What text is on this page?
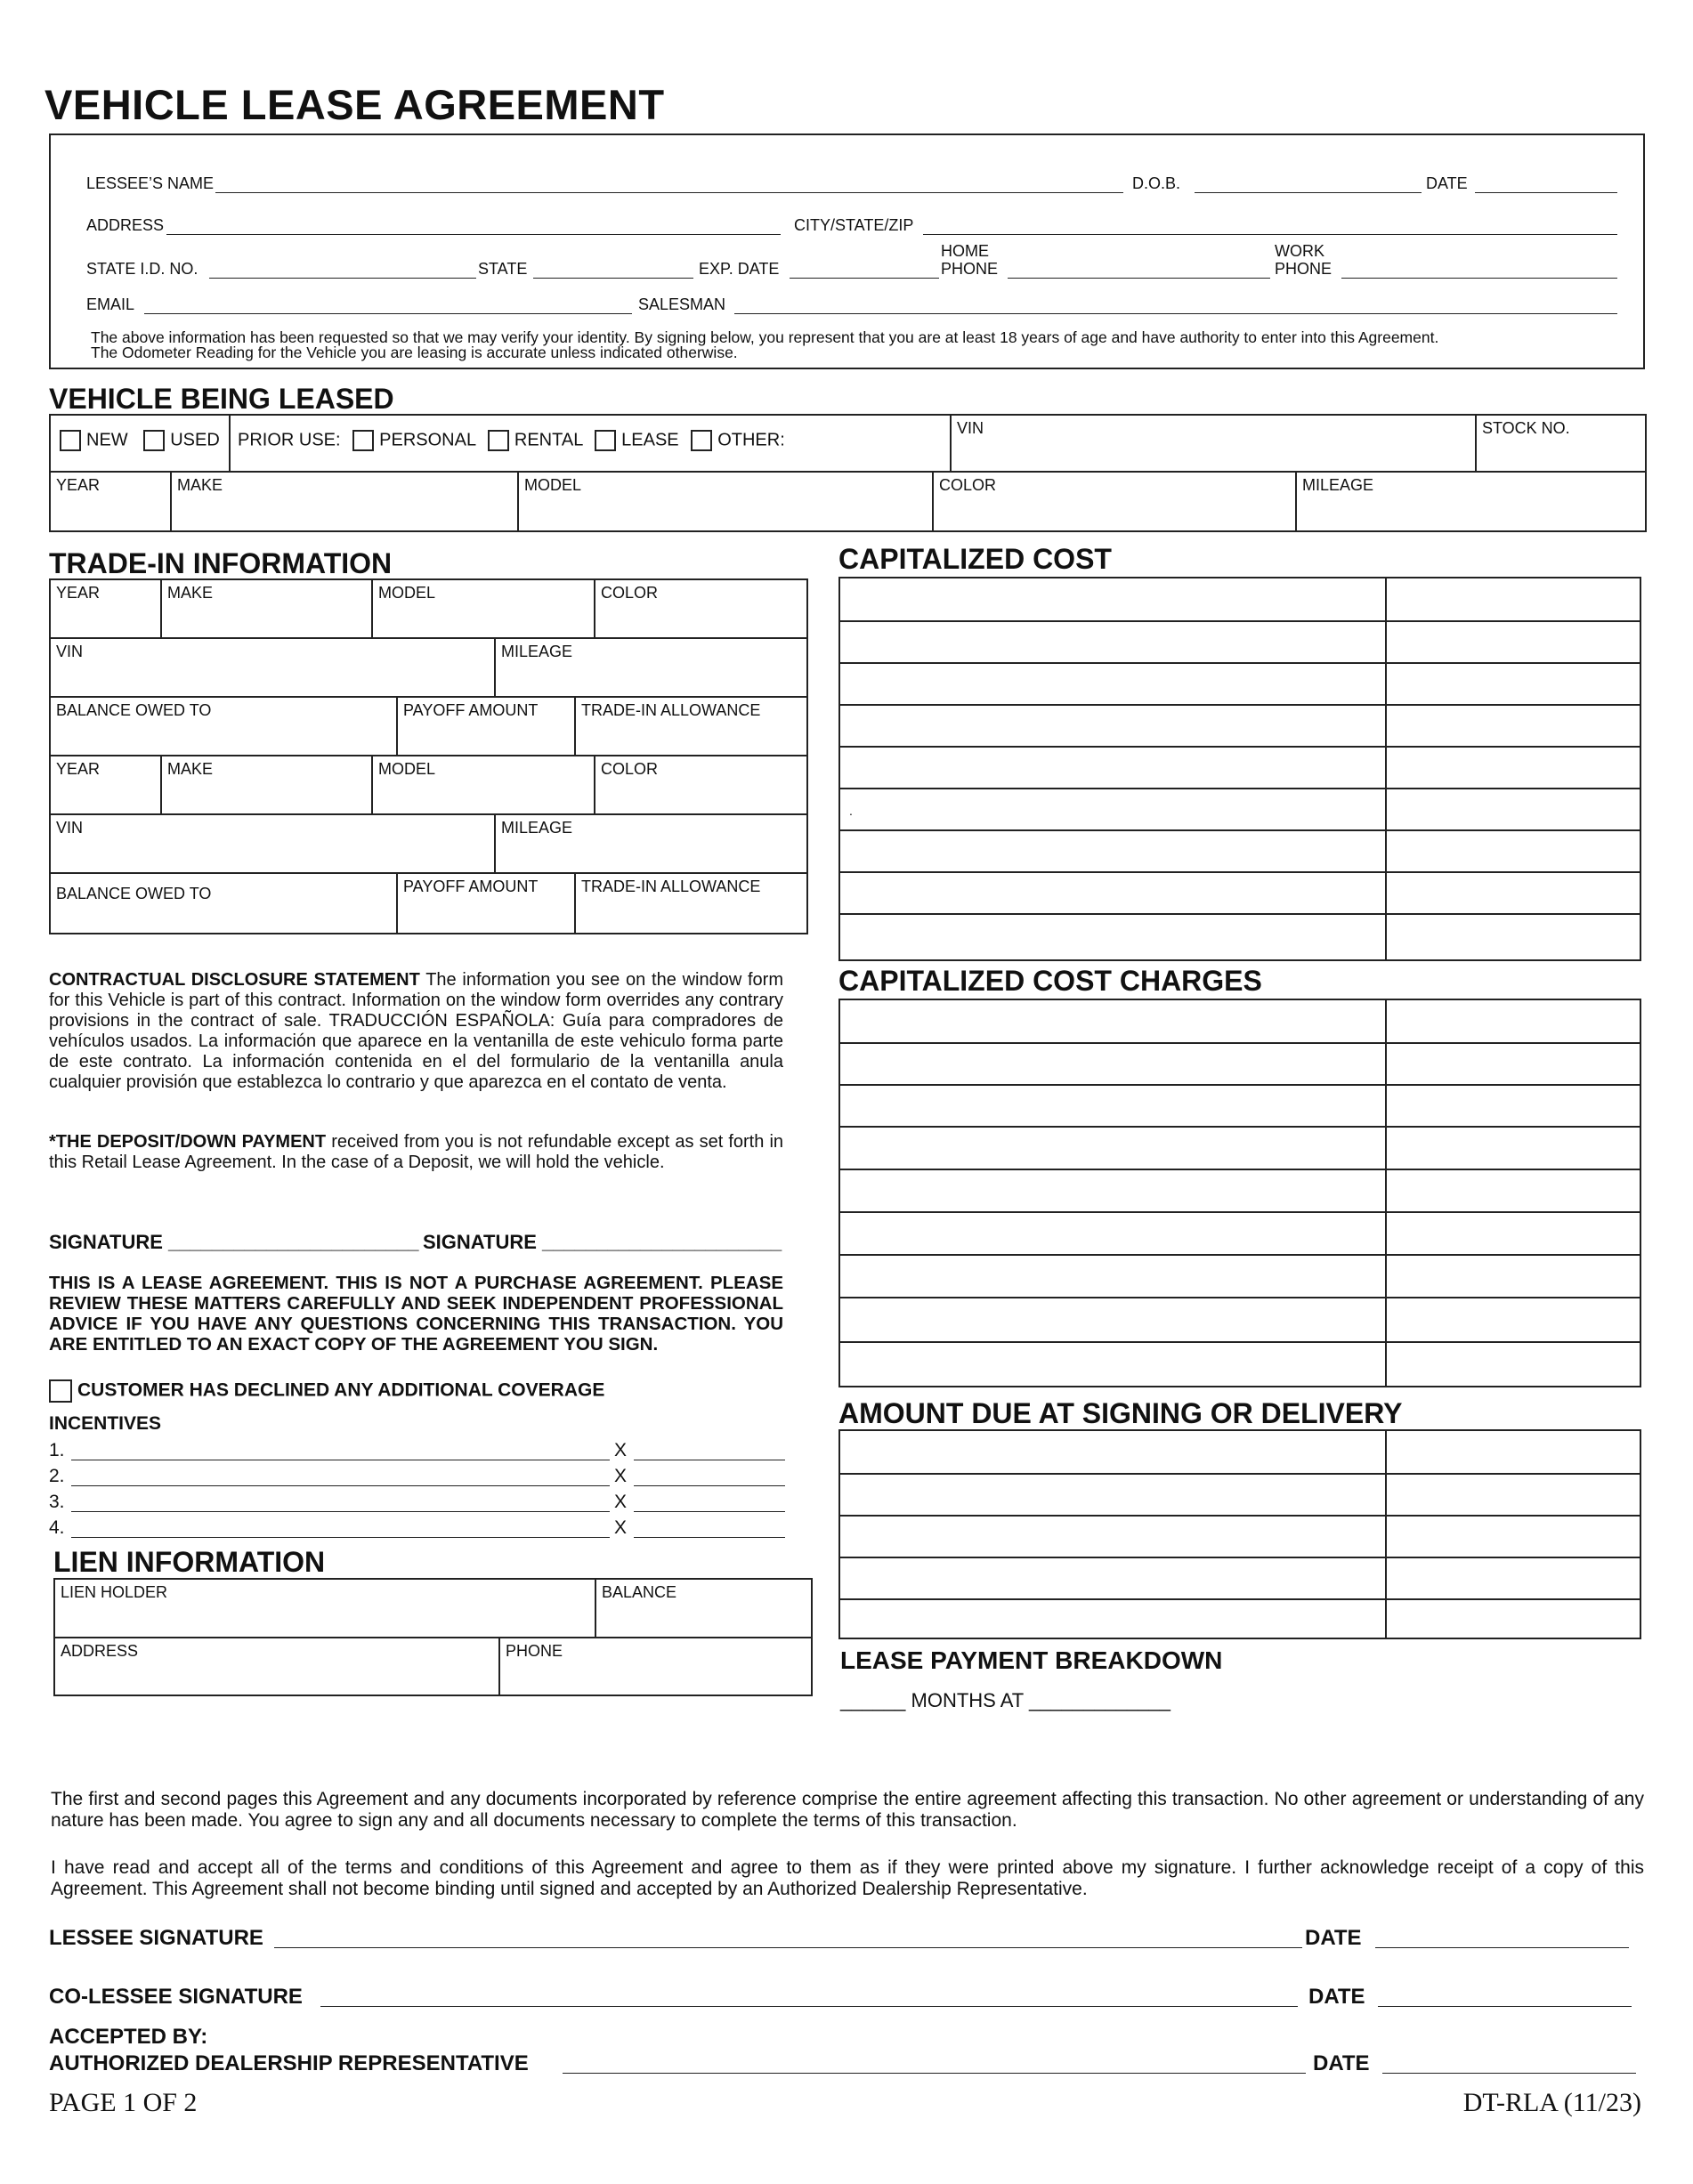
VEHICLE LEASE AGREEMENT
LESSEE’S NAME	D.O.B.	DATE
ADDRESS	CITY/STATE/ZIP
STATE I.D. NO.	STATE	EXP. DATE
HOME
PHONE
WORK
PHONE
EMAIL	SALESMAN
The above information has been requested so that we may verify your identity. By signing below, you represent that you are at least 18 years of age and have authority to enter into this Agreement.
The Odometer Reading for the Vehicle you are leasing is accurate unless indicated otherwise.
VEHICLE BEING LEASED
NEW USED PRIOR USE: PERSONAL RENTAL LEASE OTHER:
VIN	STOCK NO.
YEAR	MAKE	MODEL	COLOR	MILEAGE
TRADE-IN INFORMATION
YEAR	MAKE	MODEL	COLOR
VIN	MILEAGE
BALANCE OWED TO	PAYOFF AMOUNT	TRADE-IN ALLOWANCE
YEAR	MAKE	MODEL	COLOR
VIN	MILEAGE
BALANCE OWED TO	PAYOFF AMOUNT	TRADE-IN ALLOWANCE
CAPITALIZED COST
.
CAPITALIZED COST CHARGES
AMOUNT DUE AT SIGNING OR DELIVERY
LEASE PAYMENT BREAKDOWN
______ MONTHS AT _____________
CONTRACTUAL DISCLOSURE STATEMENT The information you see on the window form for this Vehicle is part of this contract. Information on the window form overrides any contrary provisions in the contract of sale. TRADUCCIÓN ESPAÑOLA: Guía para compradores de vehículos usados. La información que aparece en la ventanilla de este vehiculo forma parte de este contrato. La información contenida en el del formulario de la ventanilla anula cualquier provisión que establezca lo contrario y que aparezca en el contato de venta.
*THE DEPOSIT/DOWN PAYMENT received from you is not refundable except as set forth in this Retail Lease Agreement. In the case of a Deposit, we will hold the vehicle.
SIGNATURE _______________________ SIGNATURE ______________________
THIS IS A LEASE AGREEMENT. THIS IS NOT A PURCHASE AGREEMENT. PLEASE REVIEW THESE MATTERS CAREFULLY AND SEEK INDEPENDENT PROFESSIONAL ADVICE IF YOU HAVE ANY QUESTIONS CONCERNING THIS TRANSACTION. YOU ARE ENTITLED TO AN EXACT COPY OF THE AGREEMENT YOU SIGN.
CUSTOMER HAS DECLINED ANY ADDITIONAL COVERAGE
INCENTIVES
1.	X
2.	X
3.	X
4.	X
LIEN INFORMATION
LIEN HOLDER	BALANCE
ADDRESS	PHONE
The first and second pages this Agreement and any documents incorporated by reference comprise the entire agreement affecting this transaction. No other agreement or understanding of any nature has been made. You agree to sign any and all documents necessary to complete the terms of this transaction.
I have read and accept all of the terms and conditions of this Agreement and agree to them as if they were printed above my signature. I further acknowledge receipt of a copy of this Agreement. This Agreement shall not become binding until signed and accepted by an Authorized Dealership Representative.
LESSEE SIGNATURE	DATE
CO-LESSEE SIGNATURE	DATE
ACCEPTED BY:
AUTHORIZED DEALERSHIP REPRESENTATIVE	DATE
PAGE 1 OF 2	DT-RLA (11/23)
